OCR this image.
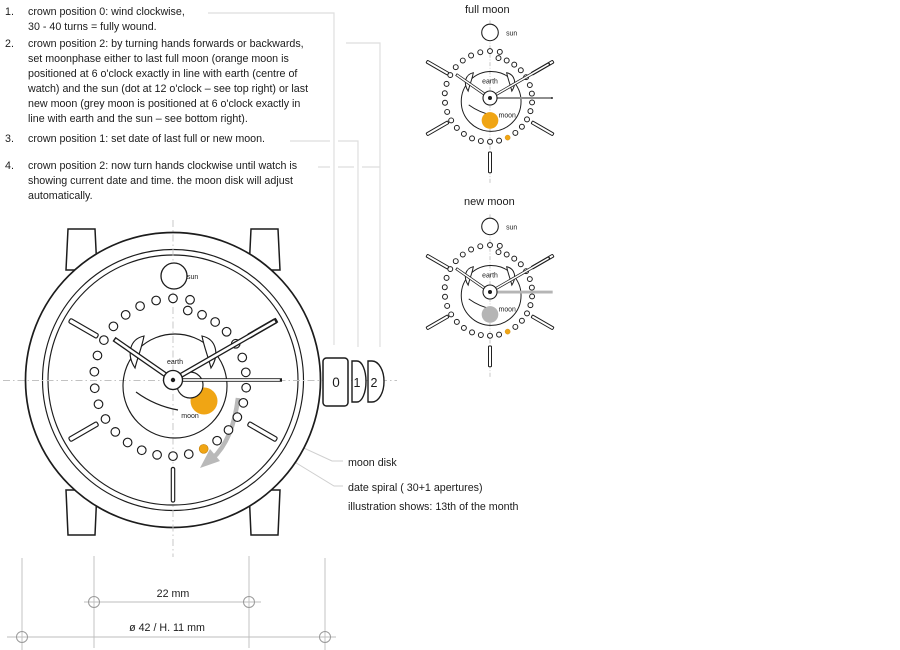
0 1 2
sun
earth
moon
sun
earth
moon
sun
earth
moon
1. crown position 0: wind clockwise,
30 - 40 turns = fully wound.
2. crown position 2: by turning hands forwards or backwards,
set moonphase either to last full moon (orange moon is
positioned at 6 o'clock exactly in line with earth (centre of
watch) and the sun (dot at 12 o'clock – see top right) or last
new moon (grey moon is positioned at 6 o'clock exactly in
line with earth and the sun – see bottom right).
3. crown position 1: set date of last full or new moon.
4. crown position 2: now turn hands clockwise until watch is
showing current date and time. the moon disk will adjust
automatically.
full moon
new moon
moon disk
date spiral ( 30+1 apertures)
illustration shows: 13th of the month
22 mm
ø 42 / H. 11 mm
